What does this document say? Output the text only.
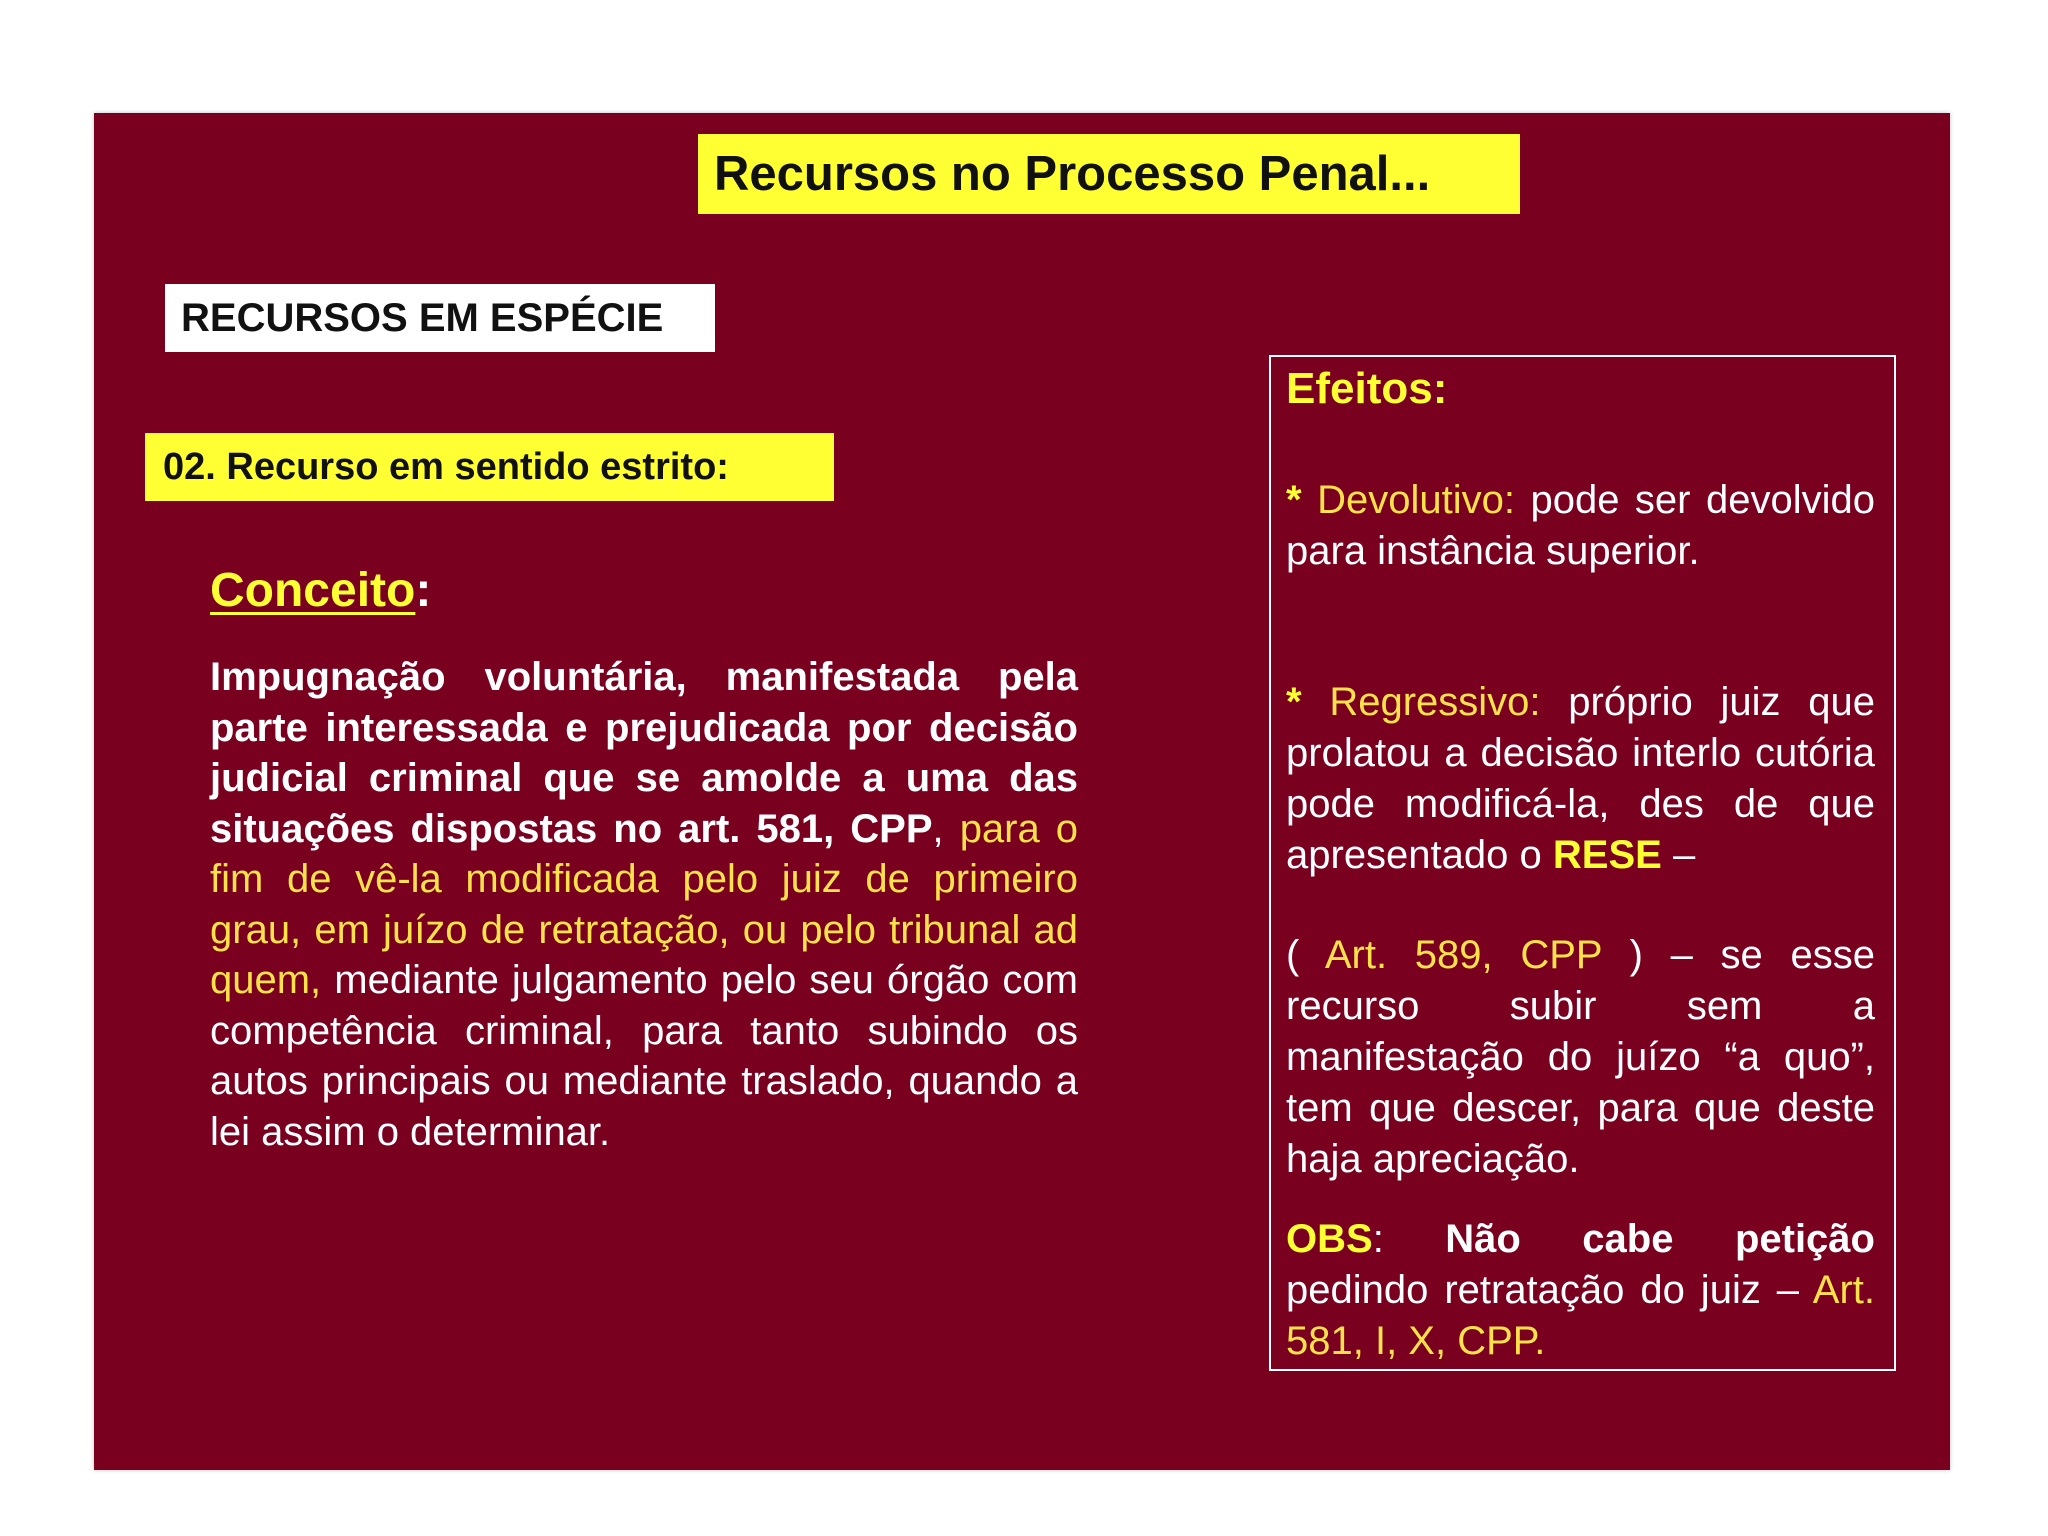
Recursos no Processo Penal...
RECURSOS EM ESPÉCIE
02. Recurso em sentido estrito:
Conceito:

Impugnação voluntária, manifestada pela parte interessada e prejudicada por decisão judicial criminal que se amolde a uma das situações dispostas no art. 581, CPP, para o fim de vê-la modificada pelo juiz de primeiro grau, em juízo de retratação, ou pelo tribunal ad quem, mediante julgamento pelo seu órgão com competência criminal, para tanto subindo os autos principais ou mediante traslado, quando a lei assim o determinar.

Efeitos:

* Devolutivo: pode ser devolvido para instância superior.

* Regressivo: próprio juiz que prolatou a decisão interlo cutória pode modificá-la, des de que apresentado o RESE –

( Art. 589, CPP ) – se esse recurso subir sem a manifestação do juízo “a quo”, tem que descer, para que deste haja apreciação.

OBS: Não cabe petição pedindo retratação do juiz – Art. 581, I, X, CPP.
